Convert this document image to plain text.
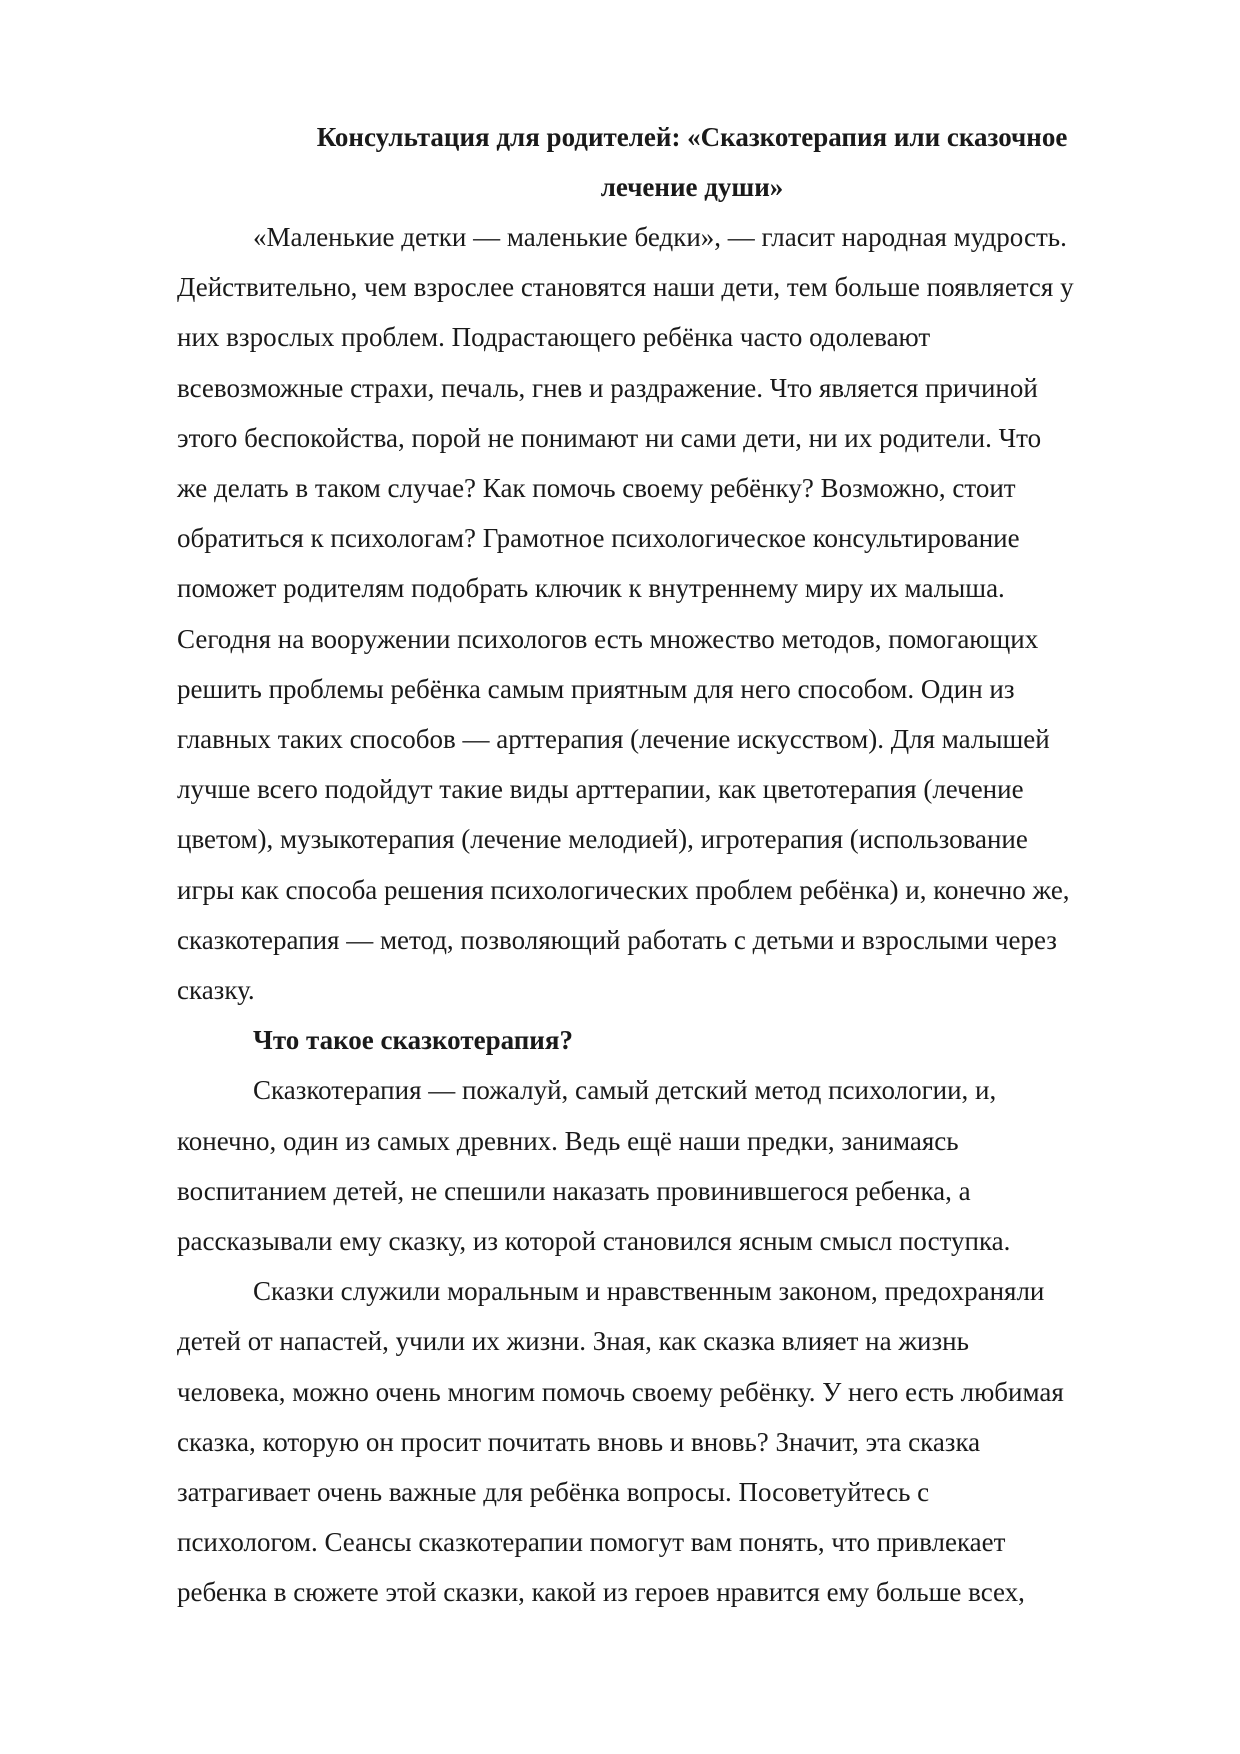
Консультация для родителей: «Сказкотерапия или сказочное
лечение души»

«Маленькие детки — маленькие бедки», — гласит народная мудрость.
Действительно, чем взрослее становятся наши дети, тем больше появляется у
них взрослых проблем. Подрастающего ребёнка часто одолевают
всевозможные страхи, печаль, гнев и раздражение. Что является причиной
этого беспокойства, порой не понимают ни сами дети, ни их родители. Что
же делать в таком случае? Как помочь своему ребёнку? Возможно, стоит
обратиться к психологам? Грамотное психологическое консультирование
поможет родителям подобрать ключик к внутреннему миру их малыша.
Сегодня на вооружении психологов есть множество методов, помогающих
решить проблемы ребёнка самым приятным для него способом. Один из
главных таких способов — арттерапия (лечение искусством). Для малышей
лучше всего подойдут такие виды арттерапии, как цветотерапия (лечение
цветом), музыкотерапия (лечение мелодией), игротерапия (использование
игры как способа решения психологических проблем ребёнка) и, конечно же,
сказкотерапия — метод, позволяющий работать с детьми и взрослыми через
сказку.

Что такое сказкотерапия?

Сказкотерапия — пожалуй, самый детский метод психологии, и,
конечно, один из самых древних. Ведь ещё наши предки, занимаясь
воспитанием детей, не спешили наказать провинившегося ребенка, а
рассказывали ему сказку, из которой становился ясным смысл поступка.

Сказки служили моральным и нравственным законом, предохраняли
детей от напастей, учили их жизни. Зная, как сказка влияет на жизнь
человека, можно очень многим помочь своему ребёнку. У него есть любимая
сказка, которую он просит почитать вновь и вновь? Значит, эта сказка
затрагивает очень важные для ребёнка вопросы. Посоветуйтесь с
психологом. Сеансы сказкотерапии помогут вам понять, что привлекает
ребенка в сюжете этой сказки, какой из героев нравится ему больше всех,
